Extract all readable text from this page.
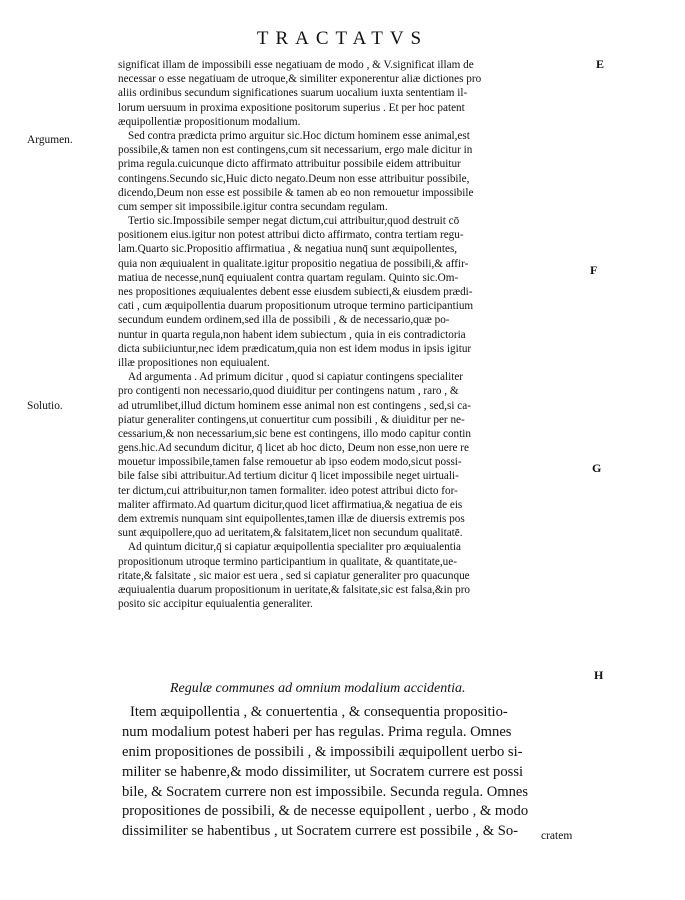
TRACTATVS
E
F
G
H
Argumen.
Solutio.
significat illam de impossibili esse negatiuam de modo , & V.significat illam de
necessar o esse negatiuam de utroque,& similiter exponerentur aliæ dictiones pro
aliis ordinibus secundum significationes suarum uocalium iuxta sententiam il-
lorum uersuum in proxima expositione positorum superius . Et per hoc patent
æquipollentiæ propositionum modalium.
Sed contra prædicta primo arguitur sic.Hoc dictum hominem esse animal,est
possibile,& tamen non est contingens,cum sit necessarium, ergo male dicitur in
prima regula.cuicunque dicto affirmato attribuitur possibile eidem attribuitur
contingens.Secundo sic,Huic dicto negato.Deum non esse attribuitur possibile,
dicendo,Deum non esse est possibile & tamen ab eo non remouetur impossibile
cum semper sit impossibile.igitur contra secundam regulam.
Tertio sic.Impossibile semper negat dictum,cui attribuitur,quod destruit cō
positionem eius.igitur non potest attribui dicto affirmato, contra tertiam regu-
lam.Quarto sic.Propositio affirmatiua , & negatiua nunq̄ sunt æquipollentes,
quia non æquiualent in qualitate.igitur propositio negatiua de possibili,& affir-
matiua de necesse,nunq̄ equiualent contra quartam regulam. Quinto sic.Om-
nes propositiones æquiualentes debent esse eiusdem subiecti,& eiusdem prædi-
cati , cum æquipollentia duarum propositionum utroque termino participantium
secundum eundem ordinem,sed illa de possibili , & de necessario,quæ po-
nuntur in quarta regula,non habent idem subiectum , quia in eis contradictoria
dicta subiiciuntur,nec idem prædicatum,quia non est idem modus in ipsis igitur
illæ propositiones non equiualent.
Ad argumenta . Ad primum dicitur , quod si capiatur contingens specialiter
pro contigenti non necessario,quod diuiditur per contingens natum , raro , &
ad utrumlibet,illud dictum hominem esse animal non est contingens , sed,si ca-
piatur generaliter contingens,ut conuertitur cum possibili , & diuiditur per ne-
cessarium,& non necessarium,sic bene est contingens, illo modo capitur contin
gens.hic.Ad secundum dicitur, q̄ licet ab hoc dicto, Deum non esse,non uere re
mouetur impossibile,tamen false remouetur ab ipso eodem modo,sicut possi-
bile false sibi attribuitur.Ad tertium dicitur q̄ licet impossibile neget uirtuali-
ter dictum,cui attribuitur,non tamen formaliter. ideo potest attribui dicto for-
maliter affirmato.Ad quartum dicitur,quod licet affirmatiua,& negatiua de eis
dem extremis nunquam sint equipollentes,tamen illæ de diuersis extremis pos
sunt æquipollere,quo ad ueritatem,& falsitatem,licet non secundum qualitatē.
Ad quintum dicitur,q̄ si capiatur æquipollentia specialiter pro æquiualentia
propositionum utroque termino participantium in qualitate, & quantitate,ue-
ritate,& falsitate , sic maior est uera , sed si capiatur generaliter pro quacunque
æquiualentia duarum propositionum in ueritate,& falsitate,sic est falsa,&in pro
posito sic accipitur equiualentia generaliter.
Regulæ communes ad omnium modalium accidentia.
Item æquipollentia , & conuertentia , & consequentia propositio-
num modalium potest haberi per has regulas. Prima regula. Omnes
enim propositiones de possibili , & impossibili æquipollent uerbo si-
militer se habenre,& modo dissimiliter, ut Socratem currere est possi
bile, & Socratem currere non est impossibile. Secunda regula. Omnes
propositiones de possibili, & de necesse equipollent , uerbo , & modo
dissimiliter se habentibus , ut Socratem currere est possibile , & So-	cratem
